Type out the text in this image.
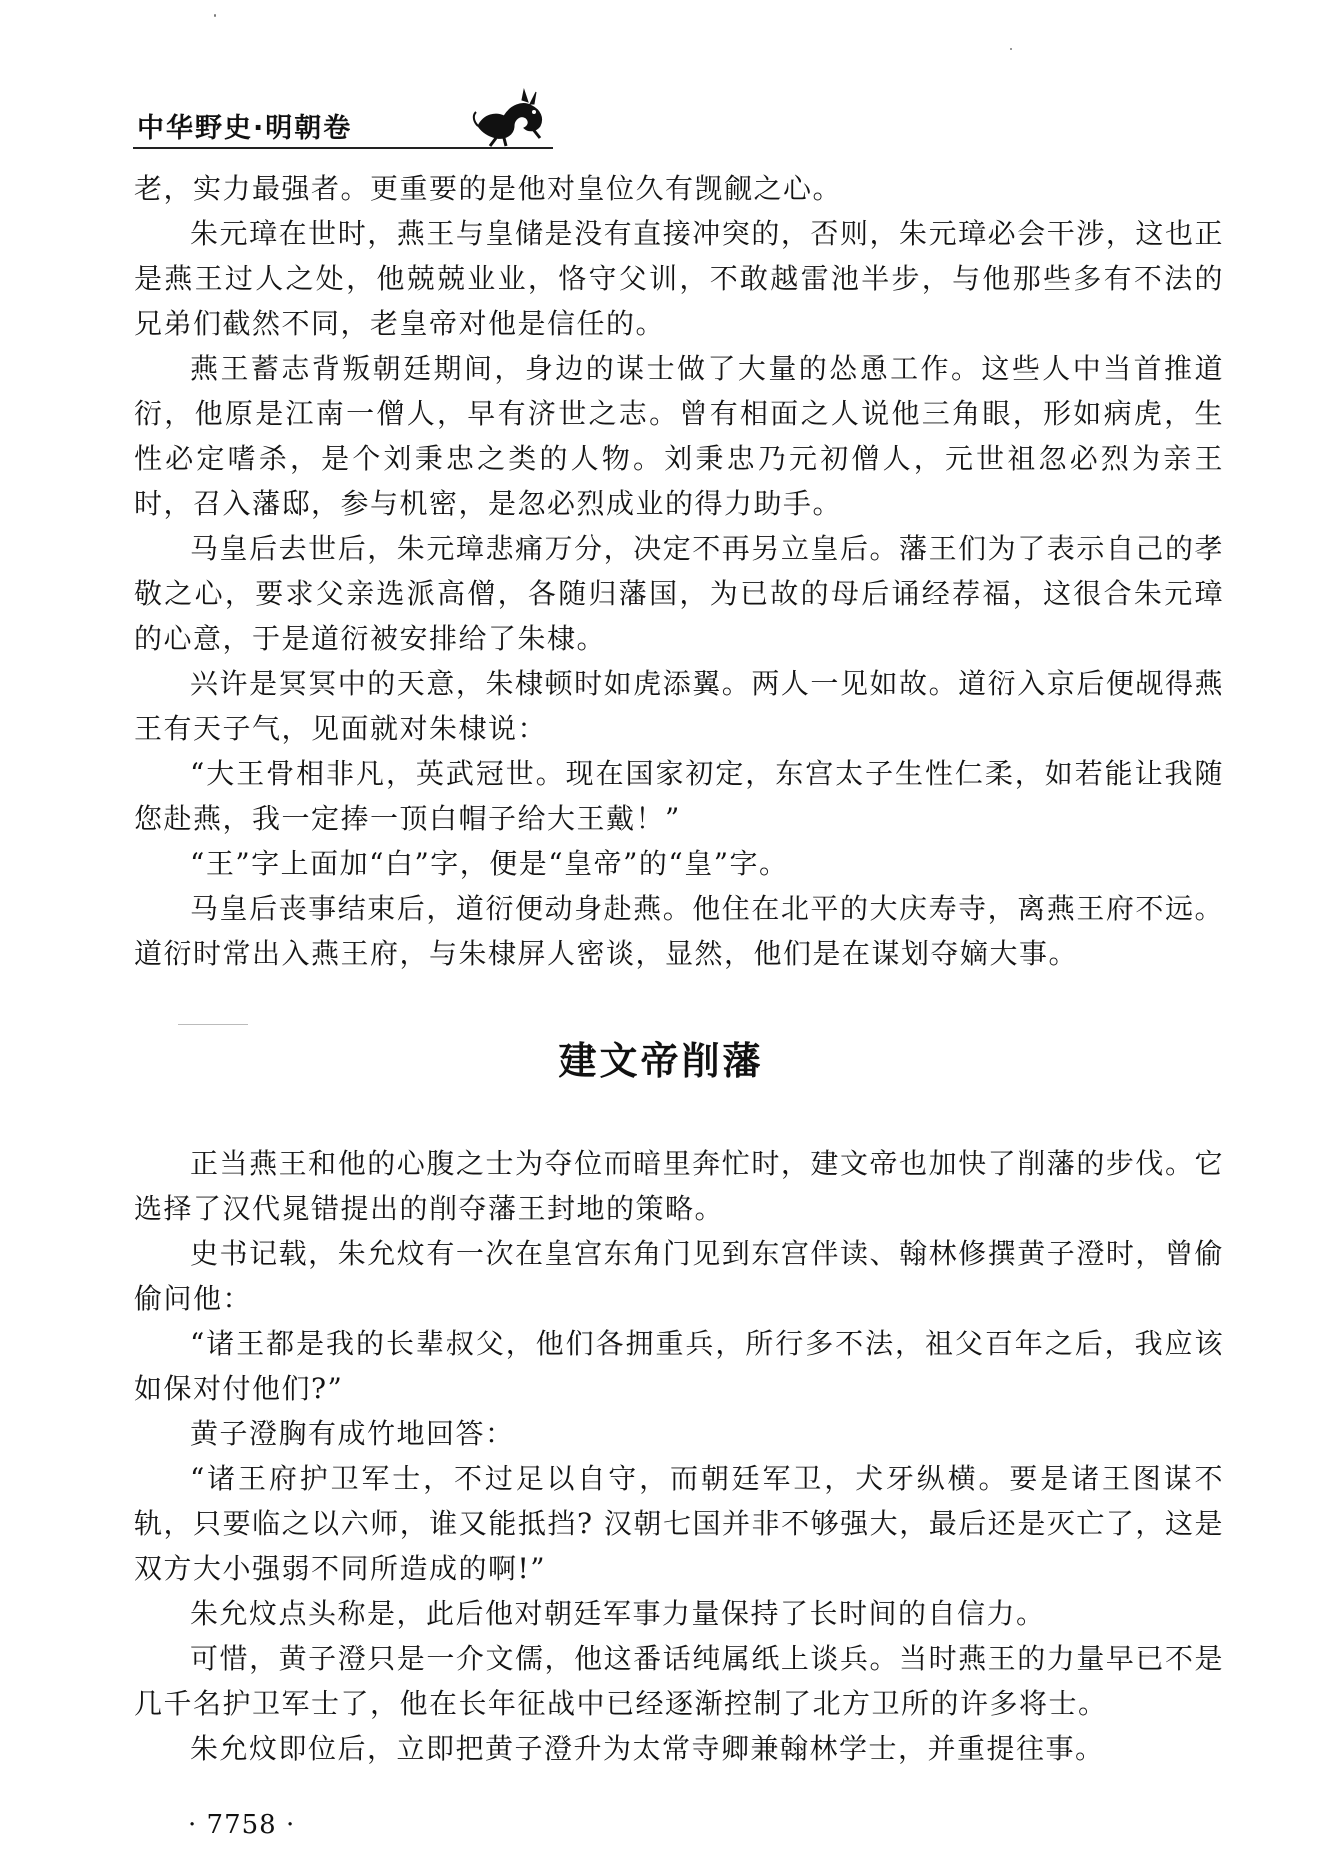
中华野史·明朝卷

老，实力最强者。更重要的是他对皇位久有觊觎之心。

朱元璋在世时，燕王与皇储是没有直接冲突的，否则，朱元璋必会干涉，这也正是燕王过人之处，他兢兢业业，恪守父训，不敢越雷池半步，与他那些多有不法的兄弟们截然不同，老皇帝对他是信任的。

燕王蓄志背叛朝廷期间，身边的谋士做了大量的怂恿工作。这些人中当首推道衍，他原是江南一僧人，早有济世之志。曾有相面之人说他三角眼，形如病虎，生性必定嗜杀，是个刘秉忠之类的人物。刘秉忠乃元初僧人，元世祖忽必烈为亲王时，召入藩邸，参与机密，是忽必烈成业的得力助手。

马皇后去世后，朱元璋悲痛万分，决定不再另立皇后。藩王们为了表示自己的孝敬之心，要求父亲选派高僧，各随归藩国，为已故的母后诵经荐福，这很合朱元璋的心意，于是道衍被安排给了朱棣。

兴许是冥冥中的天意，朱棣顿时如虎添翼。两人一见如故。道衍入京后便觇得燕王有天子气，见面就对朱棣说：

“大王骨相非凡，英武冠世。现在国家初定，东宫太子生性仁柔，如若能让我随您赴燕，我一定捧一顶白帽子给大王戴！”

“王”字上面加“白”字，便是“皇帝”的“皇”字。

马皇后丧事结束后，道衍便动身赴燕。他住在北平的大庆寿寺，离燕王府不远。道衍时常出入燕王府，与朱棣屏人密谈，显然，他们是在谋划夺嫡大事。

建文帝削藩

正当燕王和他的心腹之士为夺位而暗里奔忙时，建文帝也加快了削藩的步伐。它选择了汉代晁错提出的削夺藩王封地的策略。

史书记载，朱允炆有一次在皇宫东角门见到东宫伴读、翰林修撰黄子澄时，曾偷偷问他：

“诸王都是我的长辈叔父，他们各拥重兵，所行多不法，祖父百年之后，我应该如保对付他们?”

黄子澄胸有成竹地回答：

“诸王府护卫军士，不过足以自守，而朝廷军卫，犬牙纵横。要是诸王图谋不轨，只要临之以六师，谁又能抵挡? 汉朝七国并非不够强大，最后还是灭亡了，这是双方大小强弱不同所造成的啊!”

朱允炆点头称是，此后他对朝廷军事力量保持了长时间的自信力。

可惜，黄子澄只是一介文儒，他这番话纯属纸上谈兵。当时燕王的力量早已不是几千名护卫军士了，他在长年征战中已经逐渐控制了北方卫所的许多将士。

朱允炆即位后，立即把黄子澄升为太常寺卿兼翰林学士，并重提往事。

· 7758 ·
